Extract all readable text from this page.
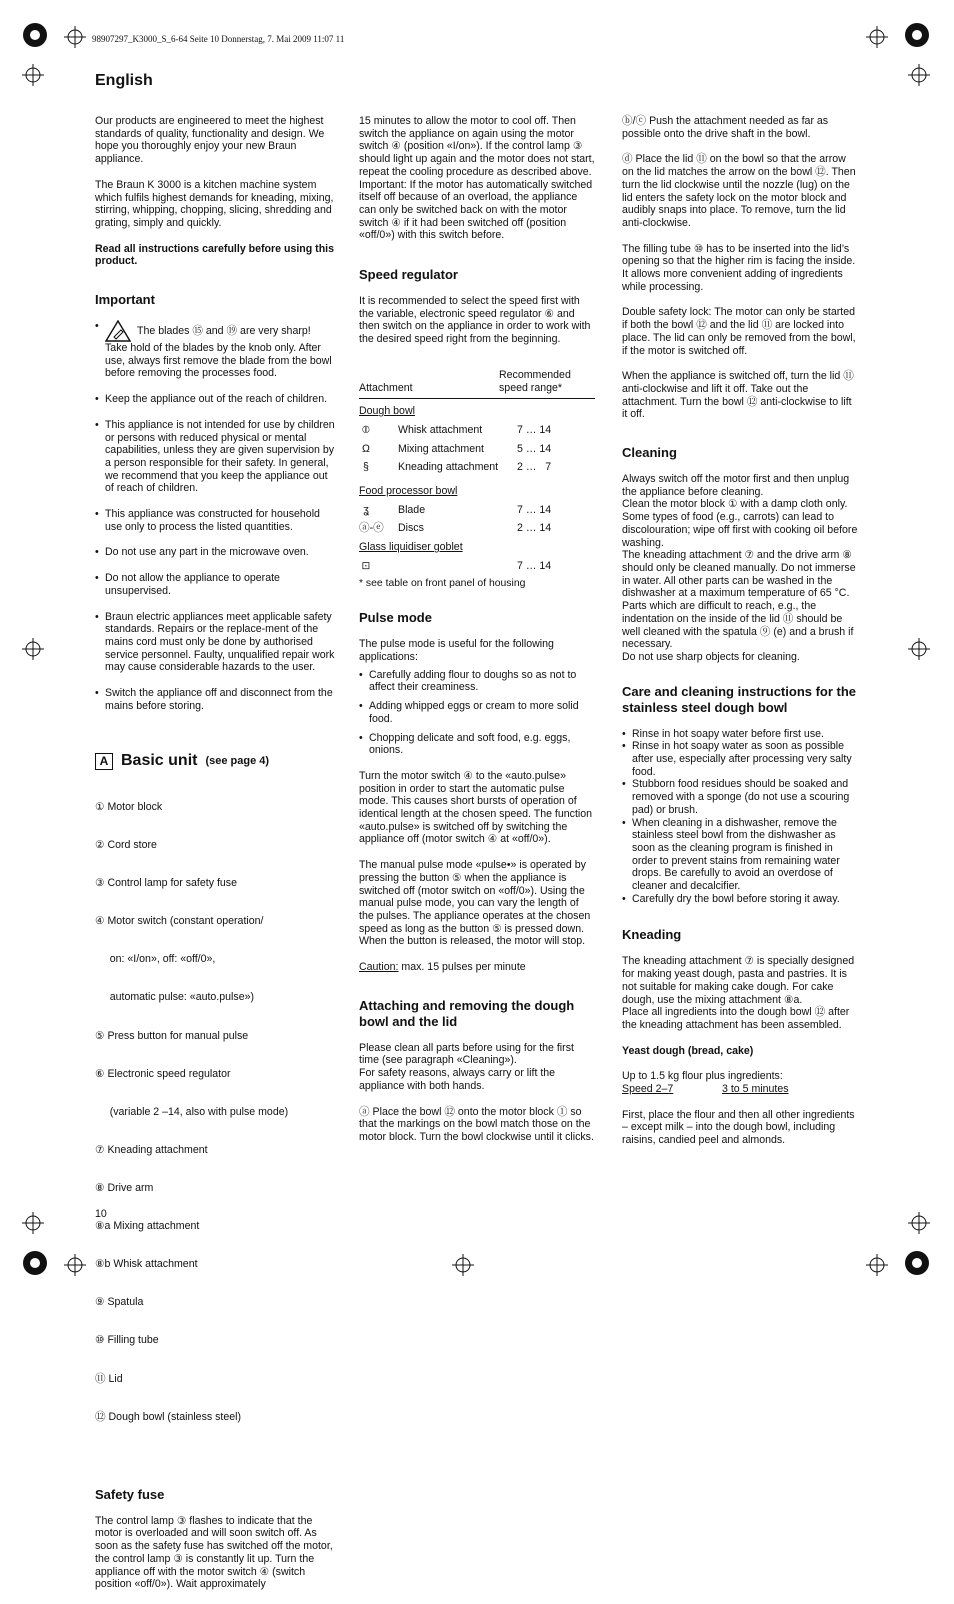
98907297_K3000_S_6-64 Seite 10 Donnerstag, 7. Mai 2009 11:07 11
English

Our products are engineered to meet the highest standards of quality, functionality and design. We hope you thoroughly enjoy your new Braun appliance.

The Braun K 3000 is a kitchen machine system which fulfils highest demands for kneading, mixing, stirring, whipping, chopping, slicing, shredding and grating, simply and quickly.

Read all instructions carefully before using this product.

Important
• The blades ⑮ and ⑲ are very sharp! Take hold of the blades by the knob only. After use, always first remove the blade from the bowl before removing the processes food.
• Keep the appliance out of the reach of children.
• This appliance is not intended for use by children or persons with reduced physical or mental capabilities, unless they are given supervision by a person responsible for their safety. In general, we recommend that you keep the appliance out of reach of children.
• This appliance was constructed for household use only to process the listed quantities.
• Do not use any part in the microwave oven.
• Do not allow the appliance to operate unsupervised.
• Braun electric appliances meet applicable safety standards. Repairs or the replace-ment of the mains cord must only be done by authorised service personnel. Faulty, unqualified repair work may cause considerable hazards to the user.
• Switch the appliance off and disconnect from the mains before storing.
A Basic unit (see page 4)

① Motor block

② Cord store

③ Control lamp for safety fuse

④ Motor switch (constant operation/

on: «I/on», off: «off/0»,

automatic pulse: «auto.pulse»)

⑤ Press button for manual pulse

⑥ Electronic speed regulator

(variable 2 –14, also with pulse mode)

⑦ Kneading attachment

⑧ Drive arm

⑧a Mixing attachment

⑧b Whisk attachment

⑨ Spatula

⑩ Filling tube

⑪ Lid

⑫ Dough bowl (stainless steel)

Safety fuse

The control lamp ③ flashes to indicate that the motor is overloaded and will soon switch off. As soon as the safety fuse has switched off the motor, the control lamp ③ is constantly lit up. Turn the appliance off with the motor switch ④ (switch position «off/0»). Wait approximately

15 minutes to allow the motor to cool off. Then switch the appliance on again using the motor switch ④ (position «I/on»). If the control lamp ③ should light up again and the motor does not start, repeat the cooling procedure as described above.
Important: If the motor has automatically switched itself off because of an overload, the appliance can only be switched back on with the motor switch ④ if it had been switched off (position «off/0») with this switch before.

Speed regulator

It is recommended to select the speed first with the variable, electronic speed regulator ⑥ and then switch on the appliance in order to work with the desired speed right from the beginning.

Attachment		Recommended speed range*
Dough bowl		
⦶	Whisk attachment	7 … 14
Ω	Mixing attachment	5 … 14
§	Kneading attachment	2 …   7
Food processor bowl		
ʓ	Blade	7 … 14
ⓐ-ⓔ	Discs	2 … 14
Glass liquidiser goblet		
⊡		7 … 14

* see table on front panel of housing

Pulse mode

The pulse mode is useful for the following applications:

• Carefully adding flour to doughs so as not to affect their creaminess.
• Adding whipped eggs or cream to more solid food.
• Chopping delicate and soft food, e.g. eggs, onions.

Turn the motor switch ④ to the «auto.pulse» position in order to start the automatic pulse mode. This causes short bursts of operation of identical length at the chosen speed. The function «auto.pulse» is switched off by switching the appliance off (motor switch ④ at «off/0»).

The manual pulse mode «pulse•» is operated by pressing the button ⑤ when the appliance is switched off (motor switch on «off/0»). Using the manual pulse mode, you can vary the length of the pulses. The appliance operates at the chosen speed as long as the button ⑤ is pressed down. When the button is released, the motor will stop.

Caution: max. 15 pulses per minute

Attaching and removing the dough bowl and the lid

Please clean all parts before using for the first time (see paragraph «Cleaning»).
For safety reasons, always carry or lift the appliance with both hands.

ⓐ Place the bowl ⑫ onto the motor block ① so that the markings on the bowl match those on the motor block. Turn the bowl clockwise until it clicks.

ⓑ/ⓒ Push the attachment needed as far as possible onto the drive shaft in the bowl.

ⓓ Place the lid ⑪ on the bowl so that the arrow on the lid matches the arrow on the bowl ⑫. Then turn the lid clockwise until the nozzle (lug) on the lid enters the safety lock on the motor block and audibly snaps into place. To remove, turn the lid anti-clockwise.

The filling tube ⑩ has to be inserted into the lid’s opening so that the higher rim is facing the inside. It allows more convenient adding of ingredients while processing.

Double safety lock: The motor can only be started if both the bowl ⑫ and the lid ⑪ are locked into place. The lid can only be removed from the bowl, if the motor is switched off.

When the appliance is switched off, turn the lid ⑪ anti-clockwise and lift it off. Take out the attachment. Turn the bowl ⑫ anti-clockwise to lift it off.

Cleaning

Always switch off the motor first and then unplug the appliance before cleaning.
Clean the motor block ① with a damp cloth only.
Some types of food (e.g., carrots) can lead to discolouration; wipe off first with cooking oil before washing.
The kneading attachment ⑦ and the drive arm ⑧ should only be cleaned manually. Do not immerse in water. All other parts can be washed in the dishwasher at a maximum temperature of 65 °C.
Parts which are difficult to reach, e.g., the indentation on the inside of the lid ⑪ should be well cleaned with the spatula ⑨ (e) and a brush if necessary.
Do not use sharp objects for cleaning.

Care and cleaning instructions for the stainless steel dough bowl
• Rinse in hot soapy water before first use.
• Rinse in hot soapy water as soon as possible after use, especially after processing very salty food.
• Stubborn food residues should be soaked and removed with a sponge (do not use a scouring pad) or brush.
• When cleaning in a dishwasher, remove the stainless steel bowl from the dishwasher as soon as the cleaning program is finished in order to prevent stains from remaining water drops. Be carefully to avoid an overdose of cleaner and decalcifier.
• Carefully dry the bowl before storing it away.
Kneading

The kneading attachment ⑦ is specially designed for making yeast dough, pasta and pastries. It is not suitable for making cake dough. For cake dough, use the mixing attachment ⑧a.
Place all ingredients into the dough bowl ⑫ after the kneading attachment has been assembled.

Yeast dough (bread, cake)

Up to 1.5 kg flour plus ingredients:
Speed 2–7	3 to 5 minutes

First, place the flour and then all other ingredients – except milk – into the dough bowl, including raisins, candied peel and almonds.

10
